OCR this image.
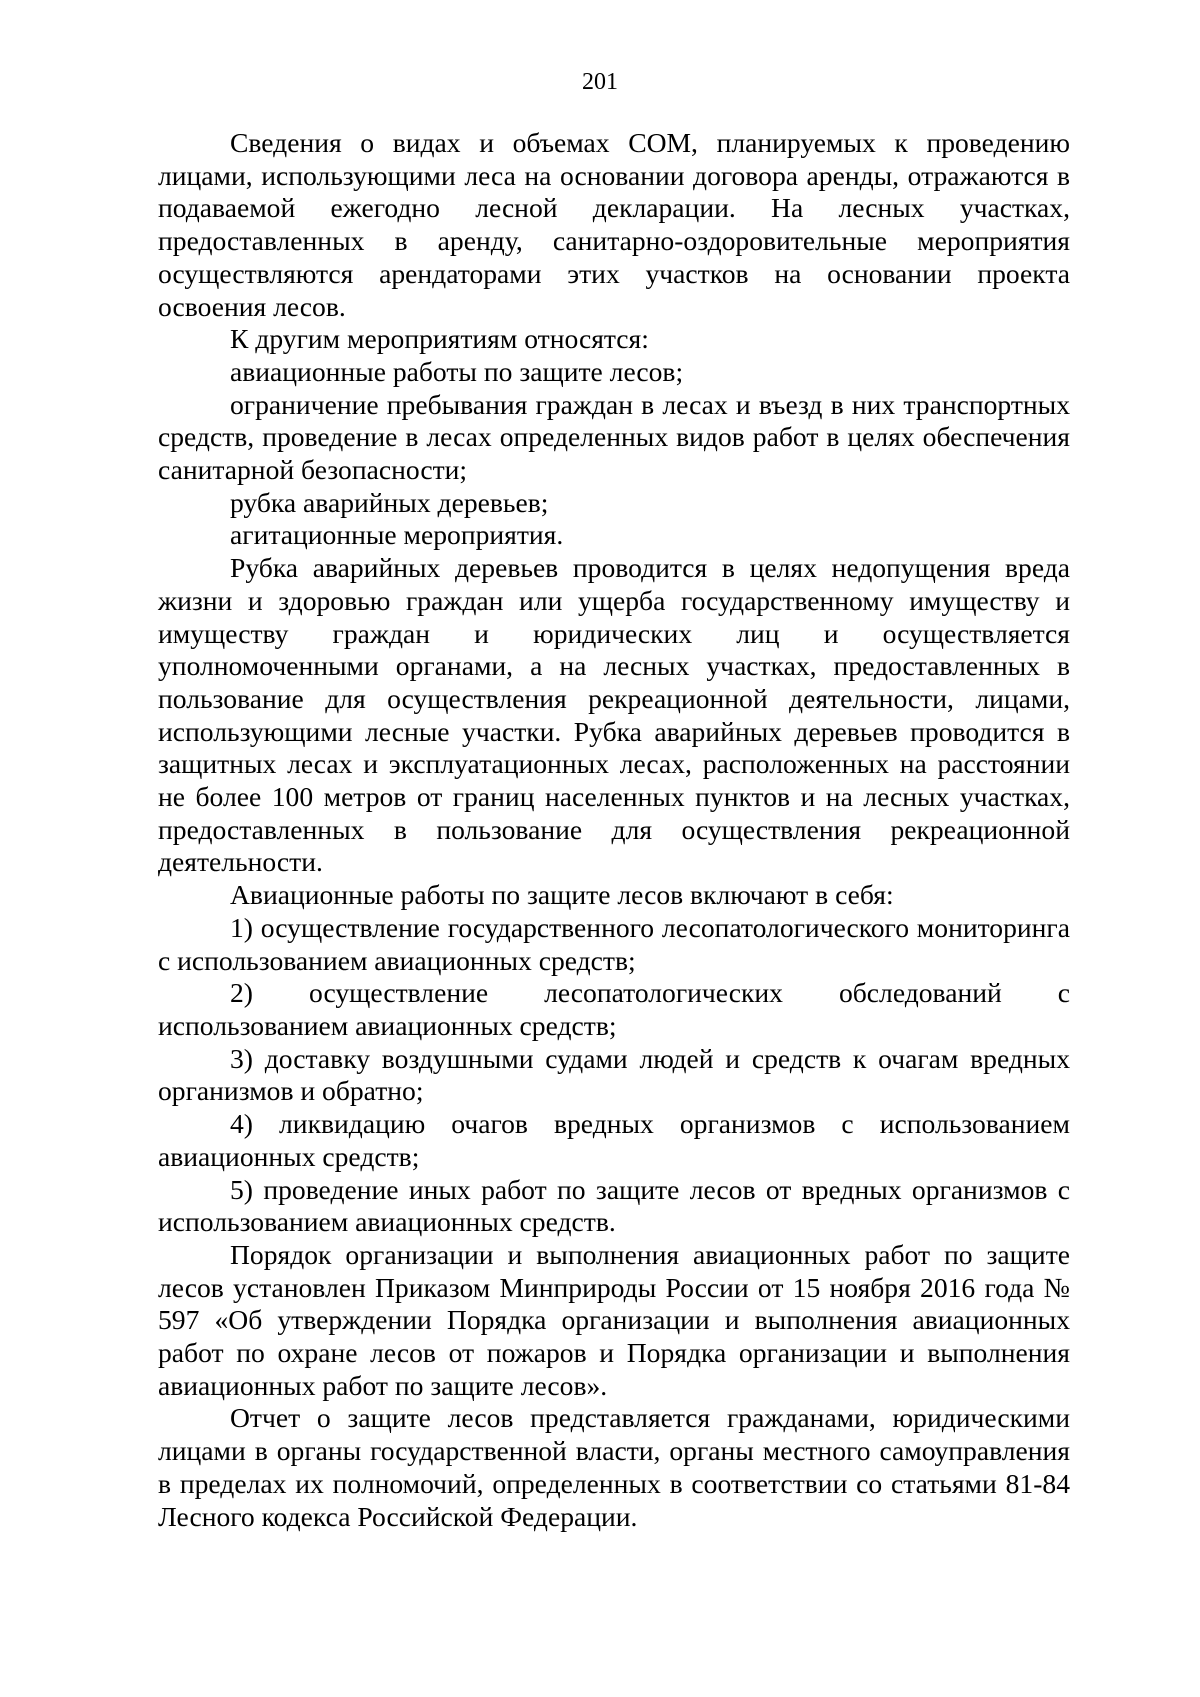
201

Сведения о видах и объемах СОМ, планируемых к проведению лицами, использующими леса на основании договора аренды, отражаются в подаваемой ежегодно лесной декларации. На лесных участках, предоставленных в аренду, санитарно-оздоровительные мероприятия осуществляются арендаторами этих участков на основании проекта освоения лесов.

К другим мероприятиям относятся:

авиационные работы по защите лесов;

ограничение пребывания граждан в лесах и въезд в них транспортных средств, проведение в лесах определенных видов работ в целях обеспечения санитарной безопасности;

рубка аварийных деревьев;

агитационные мероприятия.

Рубка аварийных деревьев проводится в целях недопущения вреда жизни и здоровью граждан или ущерба государственному имуществу и имуществу граждан и юридических лиц и осуществляется уполномоченными органами, а на лесных участках, предоставленных в пользование для осуществления рекреационной деятельности, лицами, использующими лесные участки. Рубка аварийных деревьев проводится в защитных лесах и эксплуатационных лесах, расположенных на расстоянии не более 100 метров от границ населенных пунктов и на лесных участках, предоставленных в пользование для осуществления рекреационной деятельности.

Авиационные работы по защите лесов включают в себя:

1) осуществление государственного лесопатологического мониторинга с использованием авиационных средств;

2) осуществление лесопатологических обследований с использованием авиационных средств;

3) доставку воздушными судами людей и средств к очагам вредных организмов и обратно;

4) ликвидацию очагов вредных организмов с использованием авиационных средств;

5) проведение иных работ по защите лесов от вредных организмов с использованием авиационных средств.

Порядок организации и выполнения авиационных работ по защите лесов установлен Приказом Минприроды России от 15 ноября 2016 года № 597 «Об утверждении Порядка организации и выполнения авиационных работ по охране лесов от пожаров и Порядка организации и выполнения авиационных работ по защите лесов».

Отчет о защите лесов представляется гражданами, юридическими лицами в органы государственной власти, органы местного самоуправления в пределах их полномочий, определенных в соответствии со статьями 81-84 Лесного кодекса Российской Федерации.
